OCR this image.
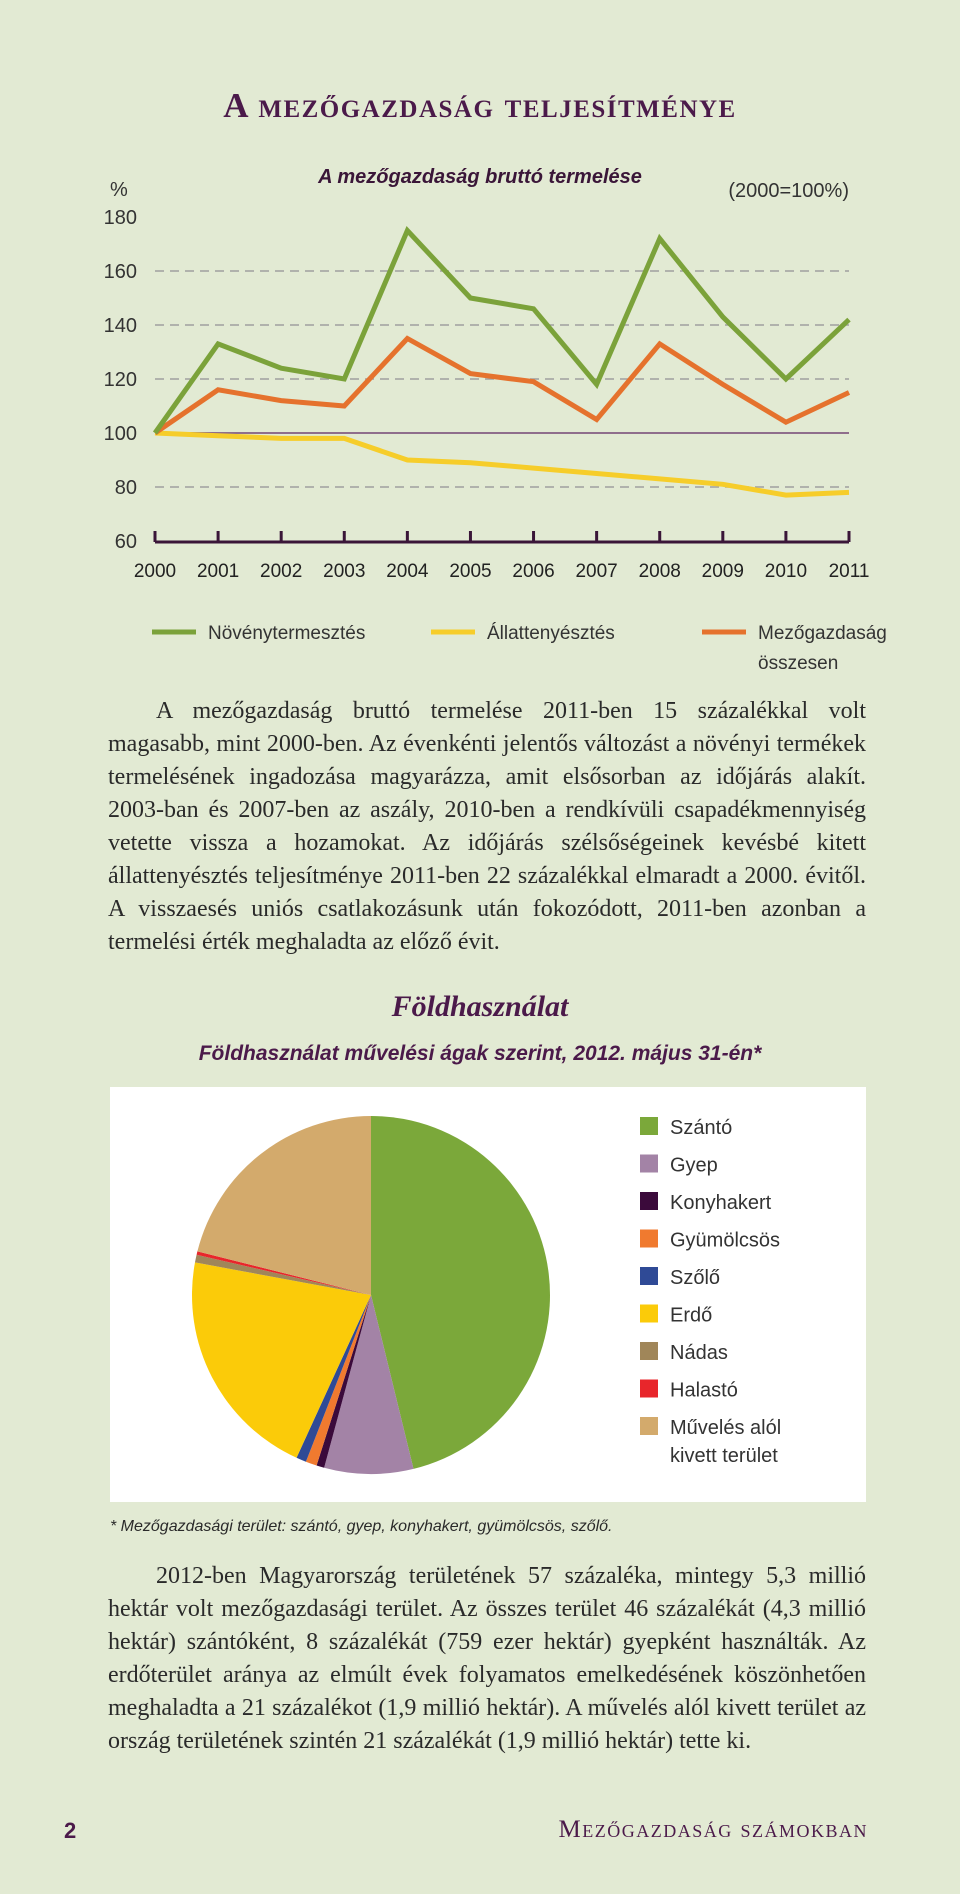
A mezőgazdaság teljesítménye
%
A mezőgazdaság bruttó termelése
(2000=100%)
60
80
100
120
140
160
180
2000 2001 2002 2003 2004 2005 2006 2007 2008 2009 2010 2011
Növénytermesztés	Állattenyésztés	Mezőgazdaság
összesen
A mezőgazdaság bruttó termelése 2011-ben 15 százalékkal volt magasabb, mint 2000-ben. Az évenkénti jelentős változást a növényi termékek termelésének ingadozása magyarázza, amit elsősorban az időjárás alakít. 2003-ban és 2007-ben az aszály, 2010-ben a rendkívüli csapadékmennyiség vetette vissza a hozamokat. Az időjárás szélsőségeinek kevésbé kitett állattenyésztés teljesítménye 2011-ben 22 százalékkal elmaradt a 2000. évitől. A visszaesés uniós csatlakozásunk után fokozódott, 2011-ben azonban a termelési érték meghaladta az előző évit.
Földhasználat
Földhasználat művelési ágak szerint, 2012. május 31-én*
Szántó
Gyep
Konyhakert
Gyümölcsös
Szőlő
Erdő
Nádas
Halastó
Művelés alól
kivett terület
* Mezőgazdasági terület: szántó, gyep, konyhakert, gyümölcsös, szőlő.
2012-ben Magyarország területének 57 százaléka, mintegy 5,3 millió hektár volt mezőgazdasági terület. Az összes terület 46 százalékát (4,3 millió hektár) szántóként, 8 százalékát (759 ezer hektár) gyepként használták. Az erdőterület aránya az elmúlt évek folyamatos emelkedésének köszönhetően meghaladta a 21 százalékot (1,9 millió hektár). A művelés alól kivett terület az ország területének szintén 21 százalékát (1,9 millió hektár) tette ki.
2	Mezőgazdaság számokban
